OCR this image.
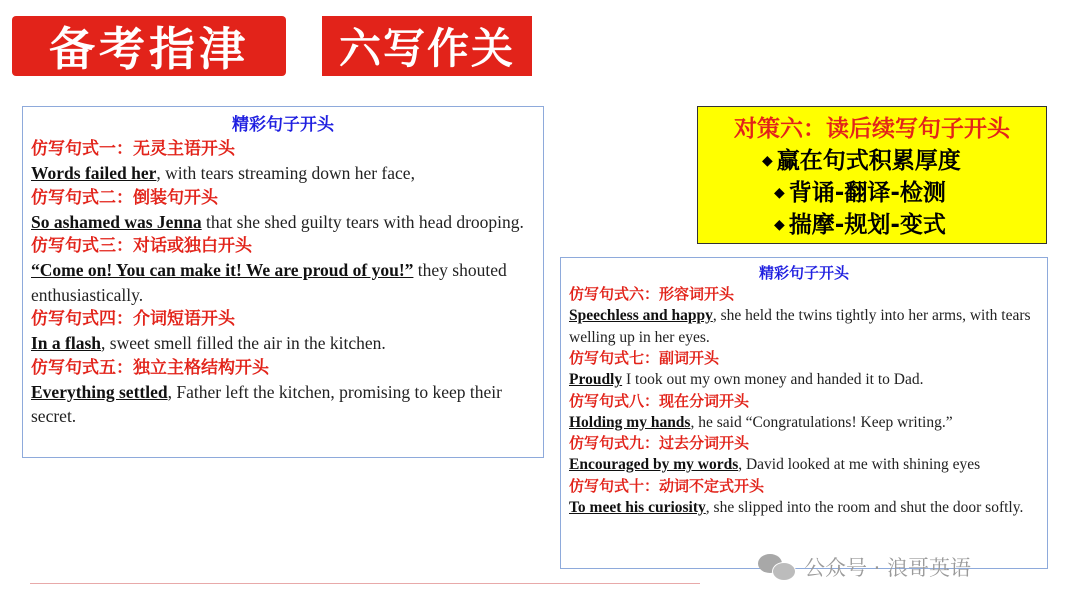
备考指津 六写作关
精彩句子开头
仿写句式一：无灵主语开头
Words failed her, with tears streaming down her face,
仿写句式二：倒装句开头
So ashamed was Jenna that she shed guilty tears with head drooping.
仿写句式三：对话或独白开头
“Come on! You can make it! We are proud of you!” they shouted enthusiastically.
仿写句式四：介词短语开头
In a flash, sweet smell filled the air in the kitchen.
仿写句式五：独立主格结构开头
Everything settled, Father left the kitchen, promising to keep their secret.
对策六：读后续写句子开头
◆ 赢在句式积累厚度
◆ 背诵-翻译-检测
◆ 揣摩-规划-变式
精彩句子开头
仿写句式六：形容词开头
Speechless and happy, she held the twins tightly into her arms, with tears welling up in her eyes.
仿写句式七：副词开头
Proudly I took out my own money and handed it to Dad.
仿写句式八：现在分词开头
Holding my hands, he said “Congratulations! Keep writing.”
仿写句式九：过去分词开头
Encouraged by my words, David looked at me with shining eyes
仿写句式十：动词不定式开头
To meet his curiosity, she slipped into the room and shut the door softly.
公众号 · 浪哥英语
